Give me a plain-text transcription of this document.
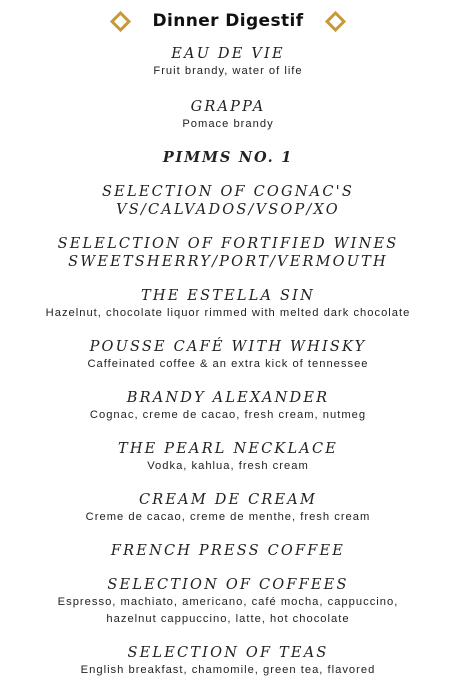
Dinner Digestif
EAU DE VIE
Fruit brandy, water of life
GRAPPA
Pomace brandy
PIMMS NO. 1
SELECTION OF COGNAC'S
VS/CALVADOS/VSOP/XO
SELELCTION OF FORTIFIED WINES
SWEETSHERRY/PORT/VERMOUTH
THE ESTELLA SIN
Hazelnut, chocolate liquor rimmed with melted dark chocolate
POUSSE CAFÉ WITH WHISKY
Caffeinated coffee & an extra kick of tennessee
BRANDY ALEXANDER
Cognac, creme de cacao, fresh cream, nutmeg
THE PEARL NECKLACE
Vodka, kahlua, fresh cream
CREAM DE CREAM
Creme de cacao, creme de menthe, fresh cream
FRENCH PRESS COFFEE
SELECTION OF COFFEES
Espresso, machiato, americano, café mocha, cappuccino,
hazelnut cappuccino, latte, hot chocolate
SELECTION OF TEAS
English breakfast, chamomile, green tea, flavored
